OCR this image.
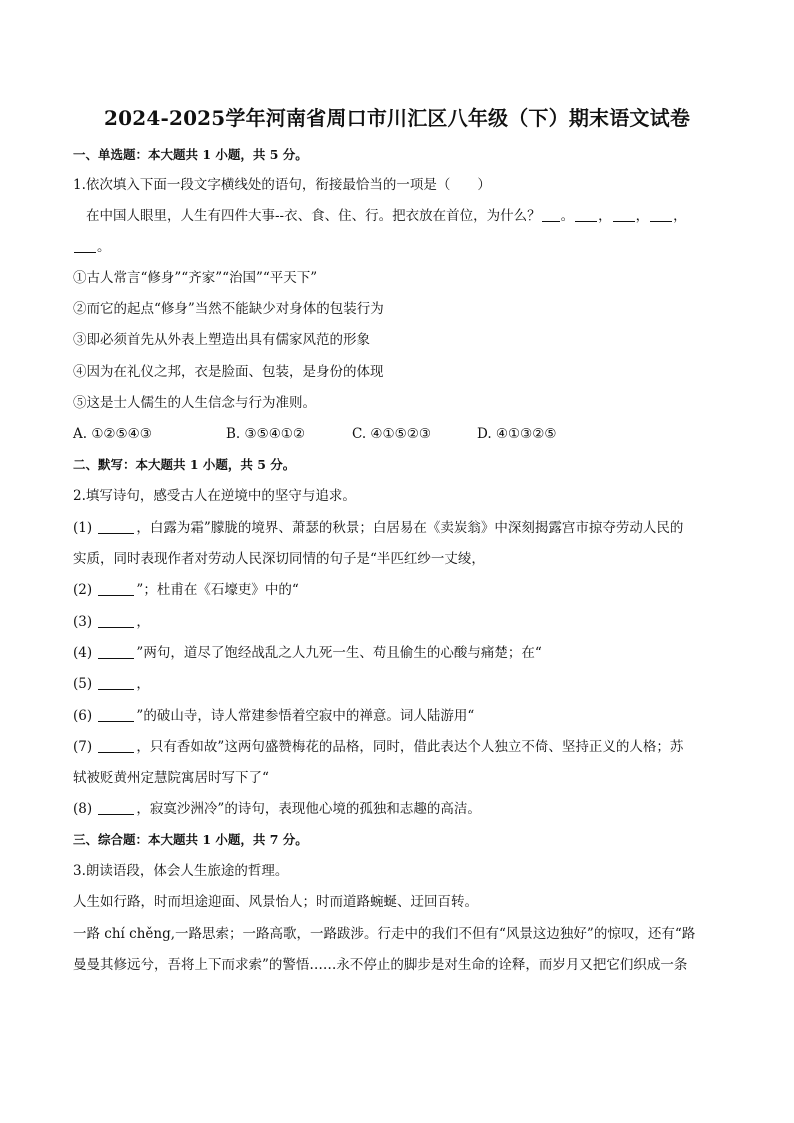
2024-2025学年河南省周口市川汇区八年级（下）期末语文试卷
一、单选题：本大题共 1 小题，共 5 分。
1.依次填入下面一段文字横线处的语句，衔接最恰当的一项是（　　）
在中国人眼里，人生有四件大事--衣、食、住、行。把衣放在首位，为什么？ 。 ， ， ，
。
①古人常言“修身”“齐家”“治国”“平天下”
②而它的起点“修身”当然不能缺少对身体的包装行为
③即必须首先从外表上塑造出具有儒家风范的形象
④因为在礼仪之邦，衣是脸面、包装，是身份的体现
⑤这是士人儒生的人生信念与行为准则。
A. ①②⑤④③	B. ③⑤④①②	C. ④①⑤②③	D. ④①③②⑤
二、默写：本大题共 1 小题，共 5 分。
2.填写诗句，感受古人在逆境中的坚守与追求。
(1)	，白露为霜”朦胧的境界、萧瑟的秋景；白居易在《卖炭翁》中深刻揭露宫市掠夺劳动人民的
实质，同时表现作者对劳动人民深切同情的句子是“半匹红纱一丈绫，
(2)	”；杜甫在《石壕吏》中的“
(3)	，
(4)	”两句，道尽了饱经战乱之人九死一生、苟且偷生的心酸与痛楚；在“
(5)	，
(6)	”的破山寺，诗人常建参悟着空寂中的禅意。词人陆游用“
(7)	，只有香如故”这两句盛赞梅花的品格，同时，借此表达个人独立不倚、坚持正义的人格；苏
轼被贬黄州定慧院寓居时写下了“
(8)	，寂寞沙洲冷”的诗句，表现他心境的孤独和志趣的高洁。
三、综合题：本大题共 1 小题，共 7 分。
3.朗读语段，体会人生旅途的哲理。
人生如行路，时而坦途迎面、风景怡人；时而道路蜿蜒、迂回百转。
一路 chí chěng,一路思索；一路高歌，一路跋涉。行走中的我们不但有“风景这边独好”的惊叹，还有“路
曼曼其修远兮，吾将上下而求索”的警悟……永不停止的脚步是对生命的诠释，而岁月又把它们织成一条
